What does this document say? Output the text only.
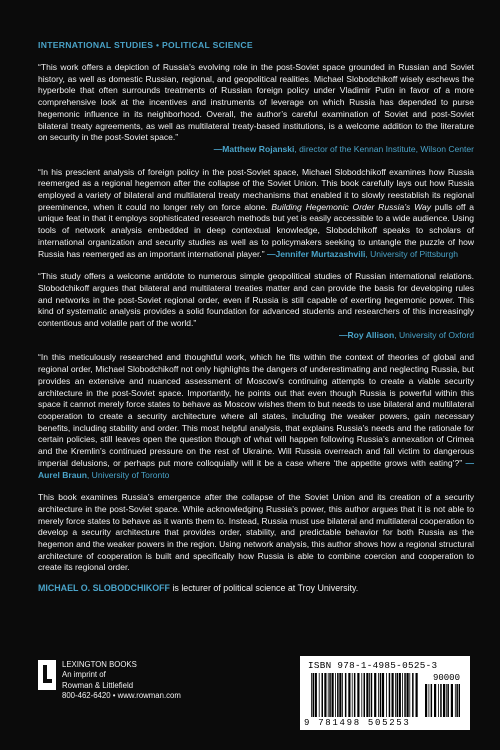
INTERNATIONAL STUDIES • POLITICAL SCIENCE
“This work offers a depiction of Russia’s evolving role in the post-Soviet space grounded in Russian and Soviet history, as well as domestic Russian, regional, and geopolitical realities. Michael Slobodchikoff wisely eschews the hyperbole that often surrounds treatments of Russian foreign policy under Vladimir Putin in favor of a more comprehensive look at the incentives and instruments of leverage on which Russia has depended to purse hegemonic influence in its neighborhood. Overall, the author’s careful examination of Soviet and post-Soviet bilateral treaty agreements, as well as multilateral treaty-based institutions, is a welcome addition to the literature on security in the post-Soviet space.”
—Matthew Rojanski, director of the Kennan Institute, Wilson Center
“In his prescient analysis of foreign policy in the post-Soviet space, Michael Slobodchikoff examines how Russia reemerged as a regional hegemon after the collapse of the Soviet Union. This book carefully lays out how Russia employed a variety of bilateral and multilateral treaty mechanisms that enabled it to slowly reestablish its regional preeminence, when it could no longer rely on force alone. Building Hegemonic Order Russia’s Way pulls off a unique feat in that it employs sophisticated research methods but yet is easily accessible to a wide audience. Using tools of network analysis embedded in deep contextual knowledge, Slobodchikoff speaks to scholars of international organization and security studies as well as to policymakers seeking to untangle the puzzle of how Russia has reemerged as an important international player.” —Jennifer Murtazashvili, University of Pittsburgh
“This study offers a welcome antidote to numerous simple geopolitical studies of Russian international relations. Slobodchikoff argues that bilateral and multilateral treaties matter and can provide the basis for developing rules and networks in the post-Soviet regional order, even if Russia is still capable of exerting hegemonic power. This kind of systematic analysis provides a solid foundation for advanced students and researchers of this increasingly contentious and volatile part of the world.”
—Roy Allison, University of Oxford
“In this meticulously researched and thoughtful work, which he fits within the context of theories of global and regional order, Michael Slobodchikoff not only highlights the dangers of underestimating and neglecting Russia, but provides an extensive and nuanced assessment of Moscow’s continuing attempts to create a viable security architecture in the post-Soviet space. Importantly, he points out that even though Russia is powerful within this space it cannot merely force states to behave as Moscow wishes them to but needs to use bilateral and multilateral cooperation to create a security architecture where all states, including the weaker powers, gain necessary benefits, including stability and order. This most helpful analysis, that explains Russia’s needs and the rationale for certain policies, still leaves open the question though of what will happen following Russia’s annexation of Crimea and the Kremlin’s continued pressure on the rest of Ukraine. Will Russia overreach and fall victim to dangerous imperial delusions, or perhaps put more colloquially will it be a case where ‘the appetite grows with eating’?” —Aurel Braun, University of Toronto

This book examines Russia’s emergence after the collapse of the Soviet Union and its creation of a security architecture in the post-Soviet space. While acknowledging Russia’s power, this author argues that it is not able to merely force states to behave as it wants them to. Instead, Russia must use bilateral and multilateral cooperation to develop a security architecture that provides order, stability, and predictable behavior for both Russia as the hegemon and the weaker powers in the region. Using network analysis, this author shows how a regional structural architecture of cooperation is built and specifically how Russia is able to combine coercion and cooperation to create its regional order.

MICHAEL O. SLOBODCHIKOFF is lecturer of political science at Troy University.

LEXINGTON BOOKS
An imprint of
Rowman & Littlefield
800-462-6420 • www.rowman.com
ISBN 978-1-4985-0525-3
90000
9 781498 505253
